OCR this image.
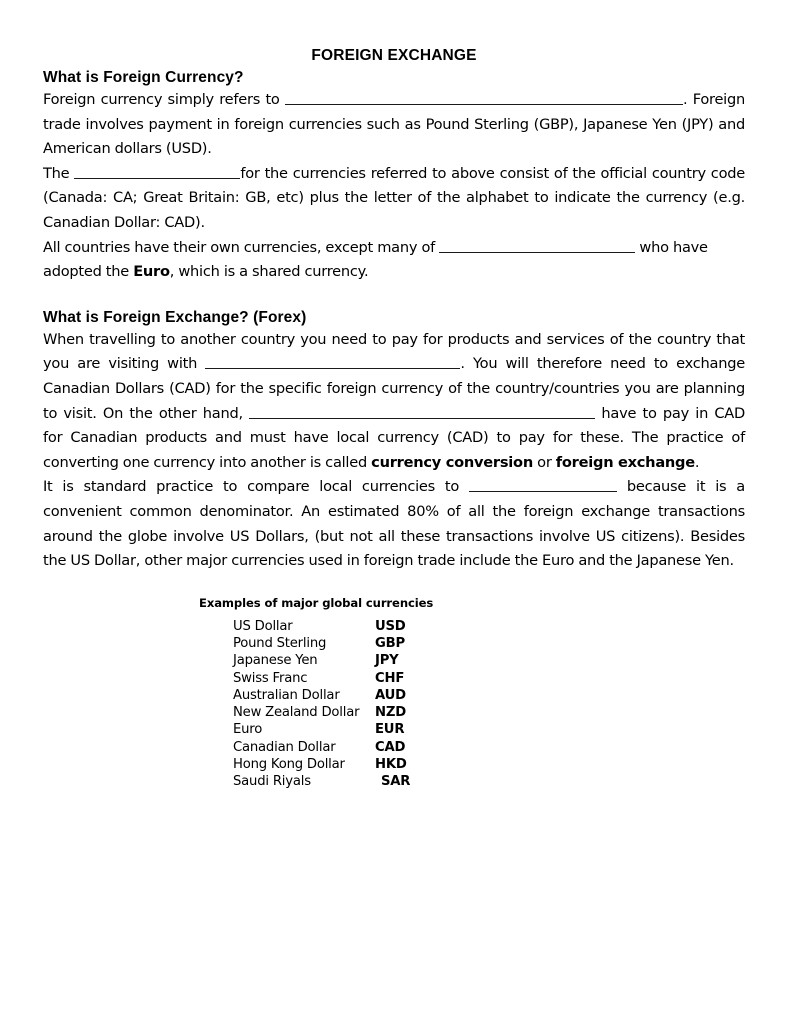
FOREIGN EXCHANGE
What is Foreign Currency?

Foreign currency simply refers to	. Foreign trade involves payment in foreign currencies such as Pound Sterling (GBP), Japanese Yen (JPY) and American dollars (USD).

The	for the currencies referred to above consist of the official country code (Canada: CA; Great Britain: GB, etc) plus the letter of the alphabet to indicate the currency (e.g. Canadian Dollar: CAD).

All countries have their own currencies, except many of	who have adopted the Euro, which is a shared currency.

What is Foreign Exchange? (Forex)

When travelling to another country you need to pay for products and services of the country that you are visiting with	. You will therefore need to exchange Canadian Dollars (CAD) for the specific foreign currency of the country/countries you are planning to visit. On the other hand,	have to pay in CAD for Canadian products and must have local currency (CAD) to pay for these. The practice of converting one currency into another is called currency conversion or foreign exchange.

It is standard practice to compare local currencies to	because it is a convenient common denominator. An estimated 80% of all the foreign exchange transactions around the globe involve US Dollars, (but not all these transactions involve US citizens). Besides the US Dollar, other major currencies used in foreign trade include the Euro and the Japanese Yen.

Examples of major global currencies
US Dollar	USD
Pound Sterling	GBP
Japanese Yen	JPY
Swiss Franc	CHF
Australian Dollar	AUD
New Zealand Dollar	NZD
Euro	EUR
Canadian Dollar	CAD
Hong Kong Dollar	HKD
Saudi Riyals	SAR
